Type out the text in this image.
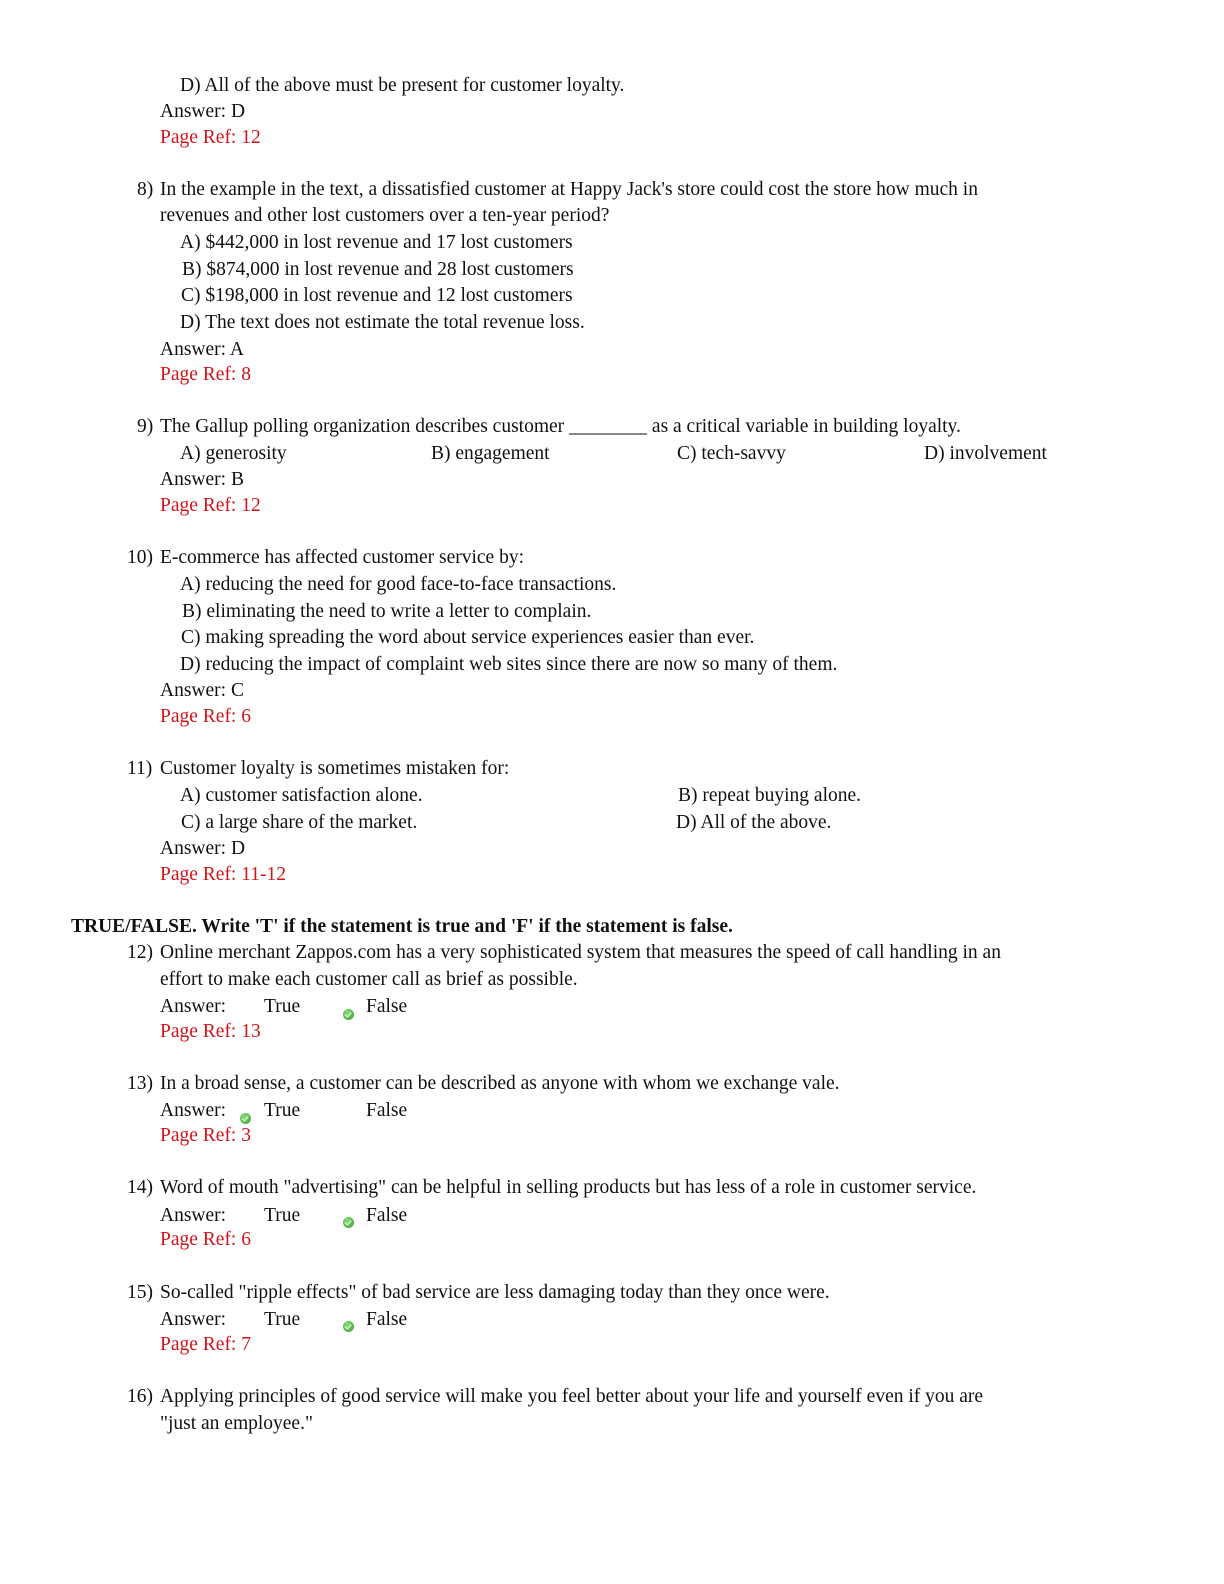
D) All of the above must be present for customer loyalty.
Answer: D
Page Ref: 12
8) In the example in the text, a dissatisfied customer at Happy Jack's store could cost the store how much in
revenues and other lost customers over a ten-year period?
A) $442,000 in lost revenue and 17 lost customers
B) $874,000 in lost revenue and 28 lost customers
C) $198,000 in lost revenue and 12 lost customers
D) The text does not estimate the total revenue loss.
Answer: A
Page Ref: 8
9) The Gallup polling organization describes customer ________ as a critical variable in building loyalty.
A) generosity	B) engagement	C) tech-savvy	D) involvement
Answer: B
Page Ref: 12
10) E-commerce has affected customer service by:
A) reducing the need for good face-to-face transactions.
B) eliminating the need to write a letter to complain.
C) making spreading the word about service experiences easier than ever.
D) reducing the impact of complaint web sites since there are now so many of them.
Answer: C
Page Ref: 6
11) Customer loyalty is sometimes mistaken for:
A) customer satisfaction alone.	B) repeat buying alone.
C) a large share of the market.	D) All of the above.
Answer: D
Page Ref: 11-12
TRUE/FALSE. Write 'T' if the statement is true and 'F' if the statement is false.
12) Online merchant Zappos.com has a very sophisticated system that measures the speed of call handling in an
effort to make each customer call as brief as possible.
Answer: True	False
Page Ref: 13
13) In a broad sense, a customer can be described as anyone with whom we exchange vale.
Answer: True	False
Page Ref: 3
14) Word of mouth "advertising" can be helpful in selling products but has less of a role in customer service.
Answer: True	False
Page Ref: 6
15) So-called "ripple effects" of bad service are less damaging today than they once were.
Answer: True	False
Page Ref: 7
16) Applying principles of good service will make you feel better about your life and yourself even if you are
"just an employee."
